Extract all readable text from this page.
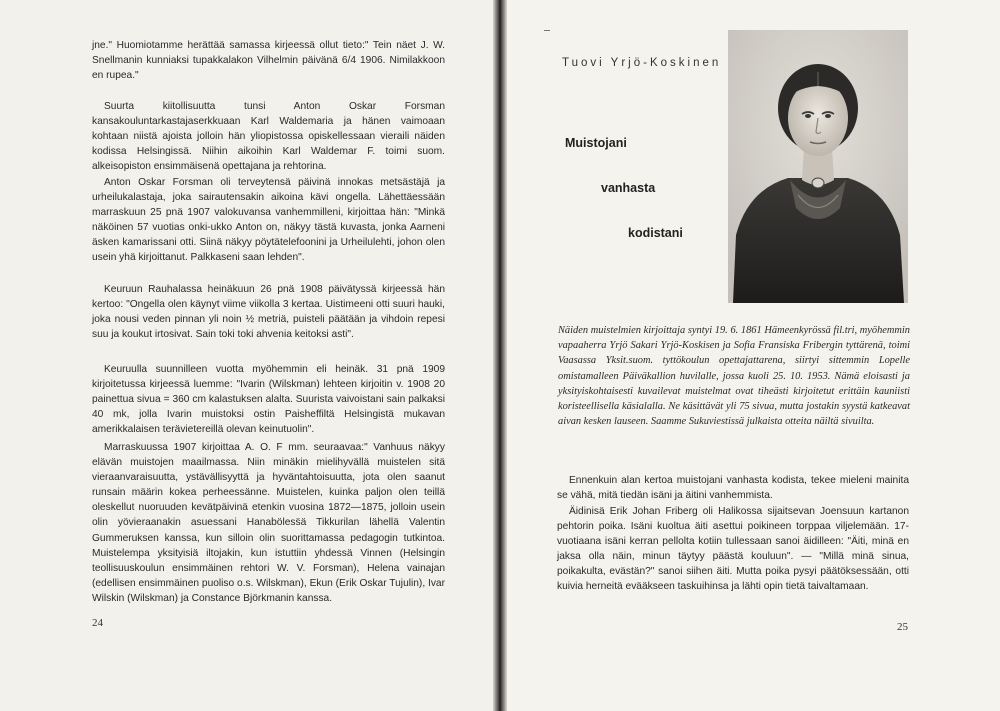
jne." Huomiotamme herättää samassa kirjeessä ollut tieto:" Tein näet J. W. Snellmanin kunniaksi tupakkalakon Vilhelmin päivänä 6/4 1906. Nimilakkoon en rupea."

Suurta kiitollisuutta tunsi Anton Oskar Forsman kansakouluntarkastajaserkkuaan Karl Waldemaria ja hänen vaimoaan kohtaan niistä ajoista jolloin hän yliopistossa opiskellessaan vieraili näiden kodissa Helsingissä. Niihin aikoihin Karl Waldemar F. toimi suom. alkeisopiston ensimmäisenä opettajana ja rehtorina.

Anton Oskar Forsman oli terveytensä päivinä innokas metsästäjä ja urheilukalastaja, joka sairautensakin aikoina kävi ongella. Lähettäessään marraskuun 25 pnä 1907 valokuvansa vanhemmilleni, kirjoittaa hän: "Minkä näköinen 57 vuotias onki-ukko Anton on, näkyy tästä kuvasta, jonka Aarneni äsken kamarissani otti. Siinä näkyy pöytätelefoonini ja Urheilulehti, johon olen usein yhä kirjoittanut. Palkkaseni saan lehden".

Keuruun Rauhalassa heinäkuun 26 pnä 1908 päivätyssä kirjeessä hän kertoo: "Ongella olen käynyt viime viikolla 3 kertaa. Uistimeeni otti suuri hauki, joka nousi veden pinnan yli noin ½ metriä, puisteli päätään ja vihdoin repesi suu ja koukut irtosivat. Sain toki toki ahvenia keitoksi asti".

Keuruulla suunnilleen vuotta myöhemmin eli heinäk. 31 pnä 1909 kirjoitetussa kirjeessä luemme: "Ivarin (Wilskman) lehteen kirjoitin v. 1908 20 painettua sivua = 360 cm kalastuksen alalta. Suurista vaivoistani sain palkaksi 40 mk, jolla Ivarin muistoksi ostin Paisheffiltä Helsingistä mukavan amerikkalaisen terävietereillä olevan keinutuolin".

Marraskuussa 1907 kirjoittaa A. O. F mm. seuraavaa:" Vanhuus näkyy elävän muistojen maailmassa. Niin minäkin mielihyvällä muistelen sitä vieraanvaraisuutta, ystävällisyyttä ja hyväntahtoisuutta, jota olen saanut runsain määrin kokea perheessänne. Muistelen, kuinka paljon olen teillä oleskellut nuoruuden kevätpäivinä etenkin vuosina 1872—1875, jolloin usein olin yövieraanakin asuessani Hanaböless̈ä Tikkurilan lähellä Valentin Gummeruksen kanssa, kun silloin olin suorittamassa pedagogin tutkintoa. Muistelempa yksityisiä iltojakin, kun istuttiin yhdessä Vinnen (Helsingin teollisuuskoulun ensimmäinen rehtori W. V. Forsman), Helena vainajan (edellisen ensimmäinen puoliso o.s. Wilskman), Ekun (Erik Oskar Tujulin), Ivar Wilskin (Wilskman) ja Constance Björkmanin kanssa.

24
Tuovi Yrjö-Koskinen
Muistojani
vanhasta
kodistani

Näiden muistelmien kirjoittaja syntyi 19. 6. 1861 Hämeenkyrössä fil.tri, myöhemmin vapaaherra Yrjö Sakari Yrjö-Koskisen ja Sofia Fransiska Fribergin tyttärenä, toimi Vaasassa Yksit.suom. tyttökoulun opettajattarena, siirtyi sittemmin Lopelle omistamalleen Päiväkallion huvilalle, jossa kuoli 25. 10. 1953. Nämä eloisasti ja yksityiskohtaisesti kuvailevat muistelmat ovat tiheästi kirjoitetut erittäin kauniisti koristeellisella käsialalla. Ne käsittävät yli 75 sivua, mutta jostakin syystä katkeavat aivan kesken lauseen. Saamme Sukuviestissä julkaista otteita näiltä sivuilta.

Ennenkuin alan kertoa muistojani vanhasta kodista, tekee mieleni mainita se vähä, mitä tiedän isäni ja äitini vanhemmista.

Äidinisä Erik Johan Friberg oli Halikossa sijaitsevan Joensuun kartanon pehtorin poika. Isäni kuoltua äiti asettui poikineen torppaa viljelemään. 17-vuotiaana isäni kerran pellolta kotiin tullessaan sanoi äidilleen: "Äiti, minä en jaksa olla näin, minun täytyy päästä kouluun". — "Millä minä sinua, poikakulta, evästän?" sanoi siihen äiti. Mutta poika pysyi päätöksessään, otti kuivia herneitä evääkseen taskuihinsa ja lähti opin tietä taivaltamaan.

25
